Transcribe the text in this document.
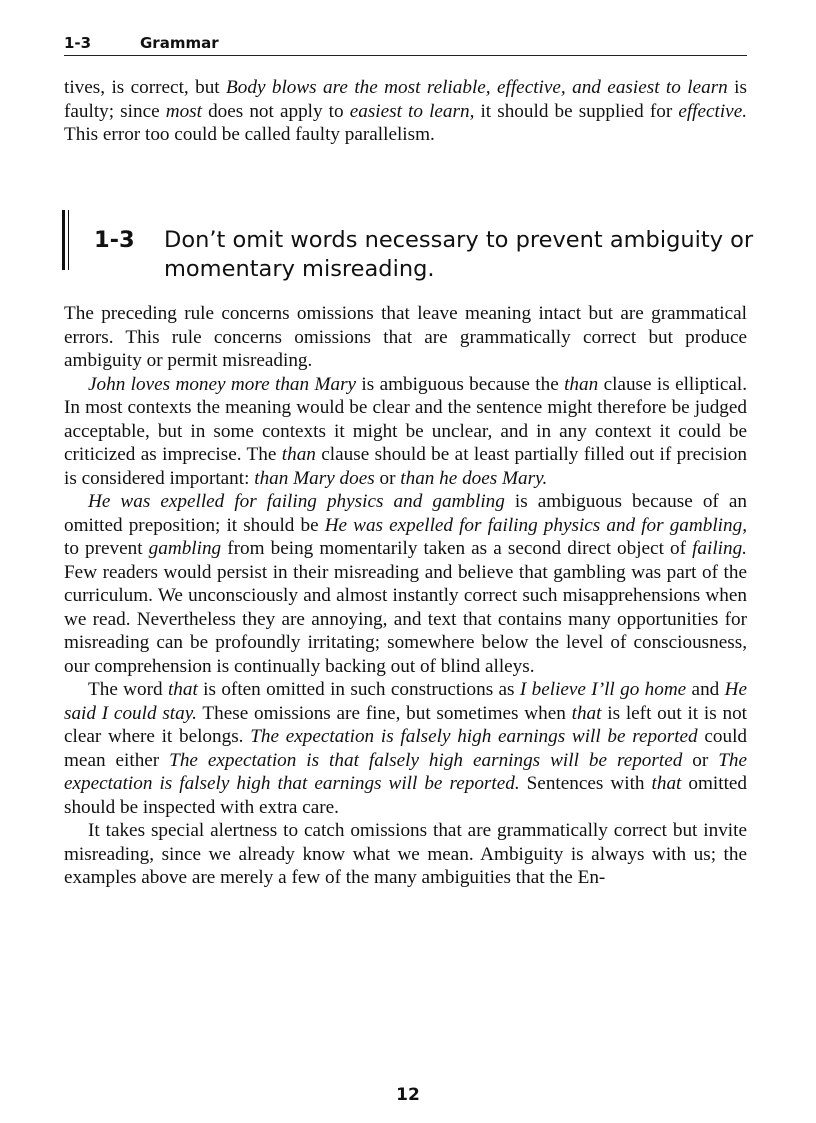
1-3	Grammar

tives, is correct, but Body blows are the most reliable, effective, and easiest to learn is faulty; since most does not apply to easiest to learn, it should be supplied for effective. This error too could be called faulty parallelism.

1-3 Don’t omit words necessary to prevent ambiguity or momentary misreading.

The preceding rule concerns omissions that leave meaning intact but are grammatical errors. This rule concerns omissions that are grammatically correct but produce ambiguity or permit misreading.

John loves money more than Mary is ambiguous because the than clause is elliptical. In most contexts the meaning would be clear and the sentence might therefore be judged acceptable, but in some contexts it might be unclear, and in any context it could be criticized as imprecise. The than clause should be at least partially filled out if precision is considered important: than Mary does or than he does Mary.

He was expelled for failing physics and gambling is ambiguous because of an omitted preposition; it should be He was expelled for failing physics and for gambling, to prevent gambling from being momentarily taken as a second direct object of failing. Few readers would persist in their misreading and believe that gambling was part of the curriculum. We unconsciously and almost instantly correct such misapprehensions when we read. Nevertheless they are annoying, and text that contains many opportunities for misreading can be profoundly irritating; somewhere below the level of consciousness, our comprehension is continually backing out of blind alleys.

The word that is often omitted in such constructions as I believe I’ll go home and He said I could stay. These omissions are fine, but sometimes when that is left out it is not clear where it belongs. The expectation is falsely high earnings will be reported could mean either The expectation is that falsely high earnings will be reported or The expectation is falsely high that earnings will be reported. Sentences with that omitted should be inspected with extra care.

It takes special alertness to catch omissions that are grammatically correct but invite misreading, since we already know what we mean. Ambiguity is always with us; the examples above are merely a few of the many ambiguities that the En-

12
